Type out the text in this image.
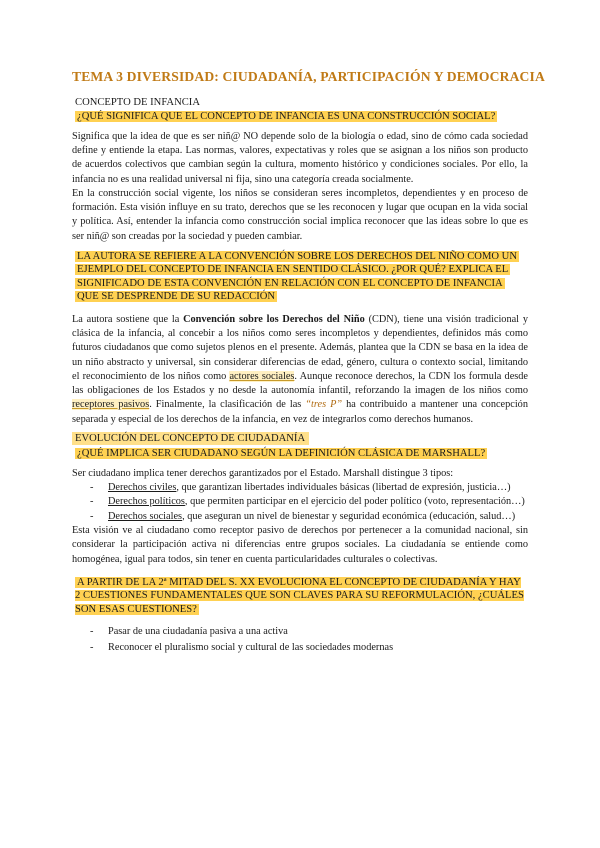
TEMA 3 DIVERSIDAD: CIUDADANÍA, PARTICIPACIÓN Y DEMOCRACIA
CONCEPTO DE INFANCIA
¿QUÉ SIGNIFICA QUE EL CONCEPTO DE INFANCIA ES UNA CONSTRUCCIÓN SOCIAL?

Significa que la idea de que es ser niñ@ NO depende solo de la biología o edad, sino de cómo cada sociedad define y entiende la etapa. Las normas, valores, expectativas y roles que se asignan a los niños son producto de acuerdos colectivos que cambian según la cultura, momento histórico y condiciones sociales. Por ello, la infancia no es una realidad universal ni fija, sino una categoría creada socialmente.

En la construcción social vigente, los niños se consideran seres incompletos, dependientes y en proceso de formación. Esta visión influye en su trato, derechos que se les reconocen y lugar que ocupan en la vida social y política. Así, entender la infancia como construcción social implica reconocer que las ideas sobre lo que es ser niñ@ son creadas por la sociedad y pueden cambiar.

LA AUTORA SE REFIERE A LA CONVENCIÓN SOBRE LOS DERECHOS DEL NIÑO COMO UN EJEMPLO DEL CONCEPTO DE INFANCIA EN SENTIDO CLÁSICO. ¿POR QUÉ? EXPLICA EL SIGNIFICADO DE ESTA CONVENCIÓN EN RELACIÓN CON EL CONCEPTO DE INFANCIA QUE SE DESPRENDE DE SU REDACCIÓN

La autora sostiene que la Convención sobre los Derechos del Niño (CDN), tiene una visión tradicional y clásica de la infancia, al concebir a los niños como seres incompletos y dependientes, definidos más como futuros ciudadanos que como sujetos plenos en el presente. Además, plantea que la CDN se basa en la idea de un niño abstracto y universal, sin considerar diferencias de edad, género, cultura o contexto social, limitando el reconocimiento de los niños como actores sociales. Aunque reconoce derechos, la CDN los formula desde las obligaciones de los Estados y no desde la autonomía infantil, reforzando la imagen de los niños como receptores pasivos. Finalmente, la clasificación de las “tres P” ha contribuido a mantener una concepción separada y especial de los derechos de la infancia, en vez de integrarlos como derechos humanos.

EVOLUCIÓN DEL CONCEPTO DE CIUDADANÍA
¿QUÉ IMPLICA SER CIUDADANO SEGÚN LA DEFINICIÓN CLÁSICA DE MARSHALL?

Ser ciudadano implica tener derechos garantizados por el Estado. Marshall distingue 3 tipos:

- Derechos civiles, que garantizan libertades individuales básicas (libertad de expresión, justicia…)
- Derechos políticos, que permiten participar en el ejercicio del poder político (voto, representación…)
- Derechos sociales, que aseguran un nivel de bienestar y seguridad económica (educación, salud…)

Esta visión ve al ciudadano como receptor pasivo de derechos por pertenecer a la comunidad nacional, sin considerar la participación activa ni diferencias entre grupos sociales. La ciudadanía se entiende como homogénea, igual para todos, sin tener en cuenta particularidades culturales o colectivas.

A PARTIR DE LA 2ª MITAD DEL S. XX EVOLUCIONA EL CONCEPTO DE CIUDADANÍA Y HAY 2 CUESTIONES FUNDAMENTALES QUE SON CLAVES PARA SU REFORMULACIÓN, ¿CUÁLES SON ESAS CUESTIONES?
- Pasar de una ciudadanía pasiva a una activa
- Reconocer el pluralismo social y cultural de las sociedades modernas
